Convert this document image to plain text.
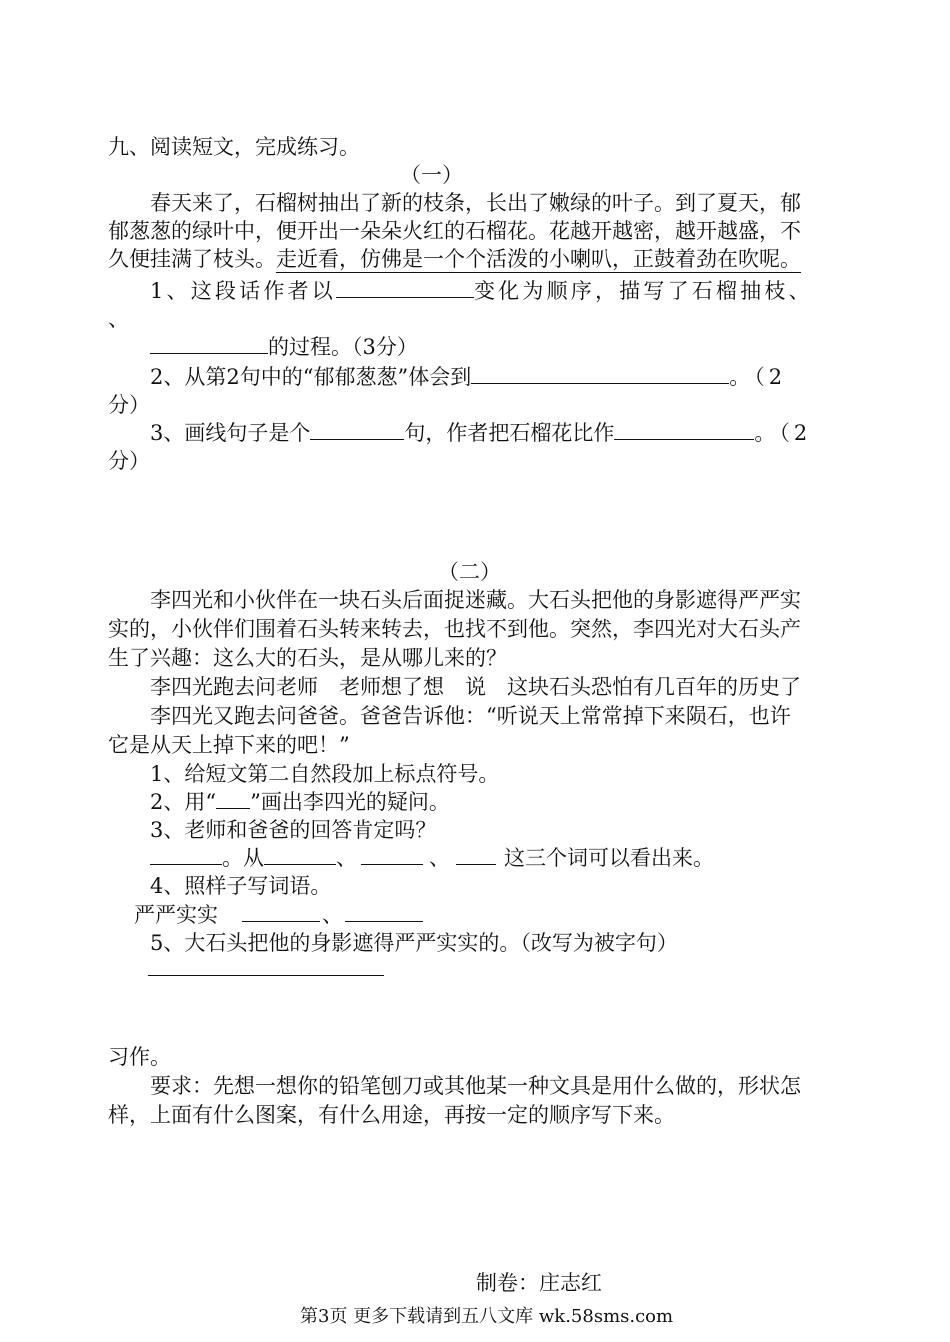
九、阅读短文，完成练习。
（一）
春天来了，石榴树抽出了新的枝条，长出了嫩绿的叶子。到了夏天，郁
郁葱葱的绿叶中，便开出一朵朵火红的石榴花。花越开越密，越开越盛，不
久便挂满了枝头。走近看，仿佛是一个个活泼的小喇叭，正鼓着劲在吹呢。
1、这段话作者以	变化为顺序，描写了石榴抽枝、
、
的过程。（3分）
2、从第2句中的“郁郁葱葱”体会到	。（2
分）
3、画线句子是个	句，作者把石榴花比作	。（2
分）
（二）
李四光和小伙伴在一块石头后面捉迷藏。大石头把他的身影遮得严严实
实的，小伙伴们围着石头转来转去，也找不到他。突然，李四光对大石头产
生了兴趣：这么大的石头，是从哪儿来的？
李四光跑去问老师　老师想了想　说　这块石头恐怕有几百年的历史了
李四光又跑去问爸爸。爸爸告诉他：“听说天上常常掉下来陨石，也许
它是从天上掉下来的吧！”
1、给短文第二自然段加上标点符号。
2、用“ ”画出李四光的疑问。
3、老师和爸爸的回答肯定吗？
。从	、	、	这三个词可以看出来。
4、照样子写词语。
严严实实	、
5、大石头把他的身影遮得严严实实的。（改写为被字句）
习作。
要求：先想一想你的铅笔刨刀或其他某一种文具是用什么做的，形状怎
样，上面有什么图案，有什么用途，再按一定的顺序写下来。
制卷：庄志红
第3页 更多下载请到五八文库 wk.58sms.com
